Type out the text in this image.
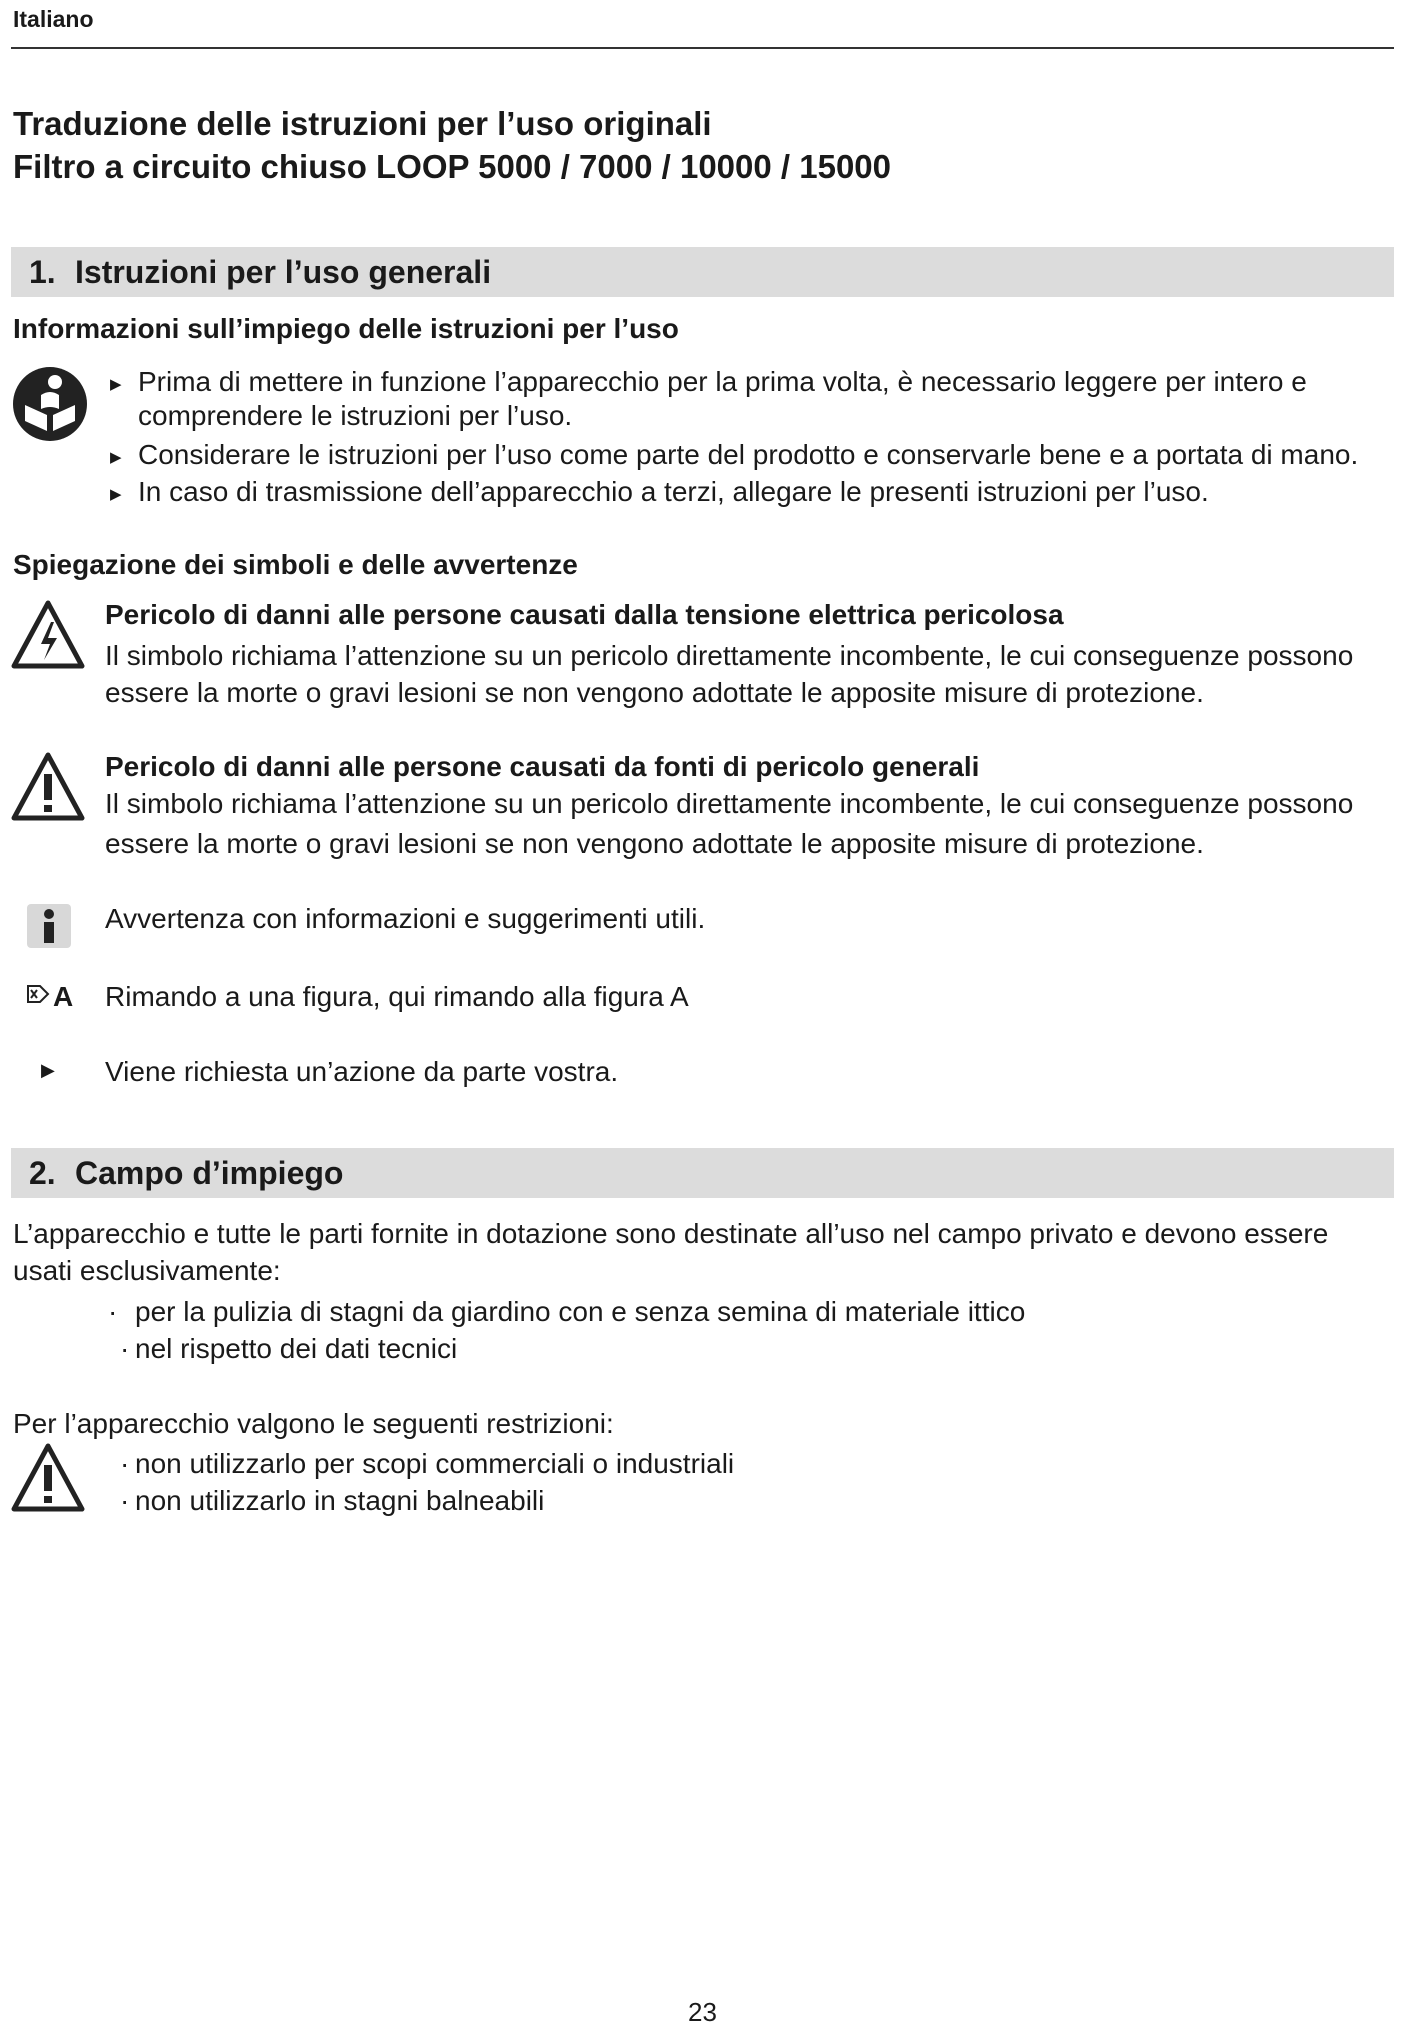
Italiano
Traduzione delle istruzioni per l’uso originali
Filtro a circuito chiuso LOOP 5000 / 7000 / 10000 / 15000
1. Istruzioni per l’uso generali
Informazioni sull’impiego delle istruzioni per l’uso
▶ Prima di mettere in funzione l’apparecchio per la prima volta, è necessario leggere per intero e
comprendere le istruzioni per l’uso.
▶ Considerare le istruzioni per l’uso come parte del prodotto e conservarle bene e a portata di mano.
▶ In caso di trasmissione dell’apparecchio a terzi, allegare le presenti istruzioni per l’uso.
Spiegazione dei simboli e delle avvertenze
Pericolo di danni alle persone causati dalla tensione elettrica pericolosa
Il simbolo richiama l’attenzione su un pericolo direttamente incombente, le cui conseguenze possono
essere la morte o gravi lesioni se non vengono adottate le apposite misure di protezione.
Pericolo di danni alle persone causati da fonti di pericolo generali
Il simbolo richiama l’attenzione su un pericolo direttamente incombente, le cui conseguenze possono
essere la morte o gravi lesioni se non vengono adottate le apposite misure di protezione.
Avvertenza con informazioni e suggerimenti utili.
A Rimando a una figura, qui rimando alla figura A
▶ Viene richiesta un’azione da parte vostra.
2. Campo d’impiego
L’apparecchio e tutte le parti fornite in dotazione sono destinate all’uso nel campo privato e devono essere
usati esclusivamente:
· per la pulizia di stagni da giardino con e senza semina di materiale ittico
· nel rispetto dei dati tecnici
Per l’apparecchio valgono le seguenti restrizioni:
· non utilizzarlo per scopi commerciali o industriali
· non utilizzarlo in stagni balneabili
23
